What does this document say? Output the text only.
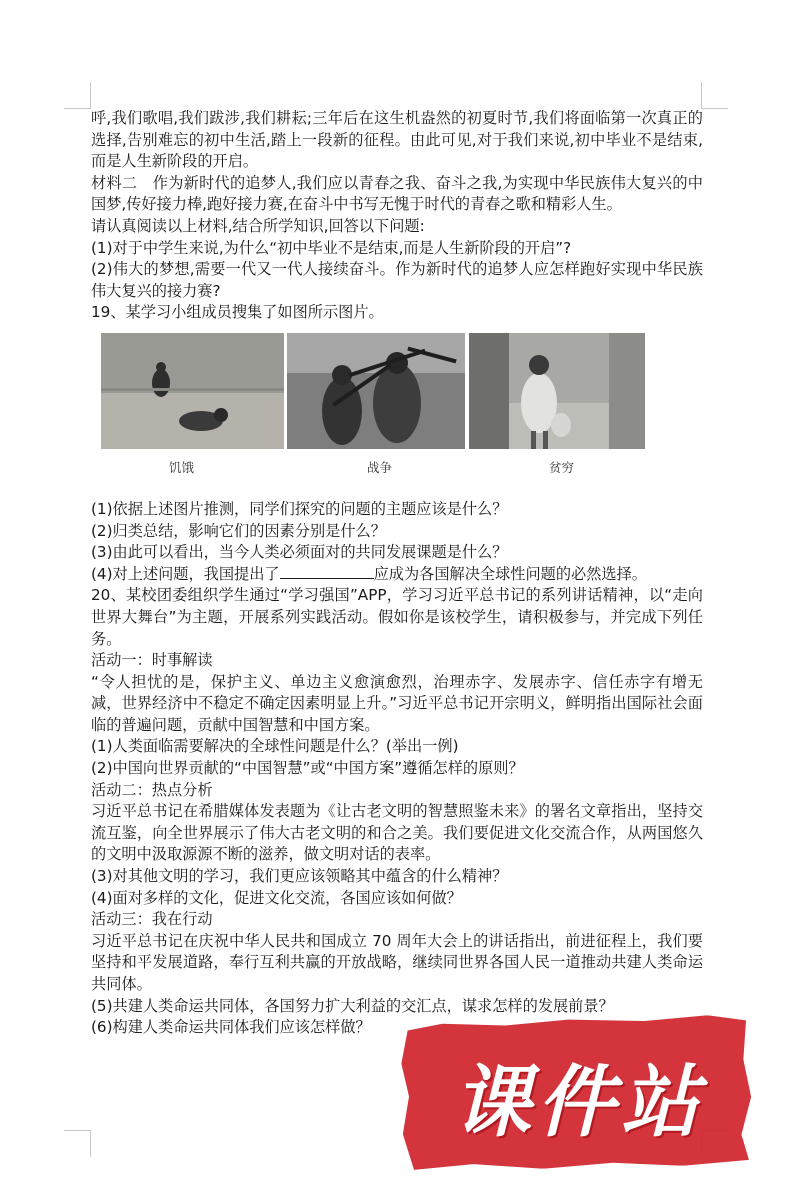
呼,我们歌唱,我们跋涉,我们耕耘;三年后在这生机盎然的初夏时节,我们将面临第一次真正的选择,告别难忘的初中生活,踏上一段新的征程。由此可见,对于我们来说,初中毕业不是结束,而是人生新阶段的开启。

材料二　作为新时代的追梦人,我们应以青春之我、奋斗之我,为实现中华民族伟大复兴的中国梦,传好接力棒,跑好接力赛,在奋斗中书写无愧于时代的青春之歌和精彩人生。

请认真阅读以上材料,结合所学知识,回答以下问题:

(1)对于中学生来说,为什么“初中毕业不是结束,而是人生新阶段的开启”?

(2)伟大的梦想,需要一代又一代人接续奋斗。作为新时代的追梦人应怎样跑好实现中华民族伟大复兴的接力赛?

19、某学习小组成员搜集了如图所示图片。

饥饿	战争	贫穷

(1)依据上述图片推测，同学们探究的问题的主题应该是什么？

(2)归类总结，影响它们的因素分别是什么？

(3)由此可以看出，当今人类必须面对的共同发展课题是什么？

(4)对上述问题，我国提出了	应成为各国解决全球性问题的必然选择。

20、某校团委组织学生通过“学习强国”APP，学习习近平总书记的系列讲话精神，以“走向世界大舞台”为主题，开展系列实践活动。假如你是该校学生，请积极参与，并完成下列任务。

活动一：时事解读

“令人担忧的是，保护主义、单边主义愈演愈烈，治理赤字、发展赤字、信任赤字有增无减，世界经济中不稳定不确定因素明显上升。”习近平总书记开宗明义，鲜明指出国际社会面临的普遍问题，贡献中国智慧和中国方案。

(1)人类面临需要解决的全球性问题是什么？(举出一例)

(2)中国向世界贡献的“中国智慧”或“中国方案”遵循怎样的原则？

活动二：热点分析

习近平总书记在希腊媒体发表题为《让古老文明的智慧照鉴未来》的署名文章指出，坚持交流互鉴，向全世界展示了伟大古老文明的和合之美。我们要促进文化交流合作，从两国悠久的文明中汲取源源不断的滋养，做文明对话的表率。

(3)对其他文明的学习，我们更应该领略其中蕴含的什么精神？

(4)面对多样的文化，促进文化交流，各国应该如何做？

活动三：我在行动

习近平总书记在庆祝中华人民共和国成立 70 周年大会上的讲话指出，前进征程上，我们要坚持和平发展道路，奉行互利共赢的开放战略，继续同世界各国人民一道推动共建人类命运共同体。

(5)共建人类命运共同体，各国努力扩大利益的交汇点，谋求怎样的发展前景？

(6)构建人类命运共同体我们应该怎样做？

课件站
